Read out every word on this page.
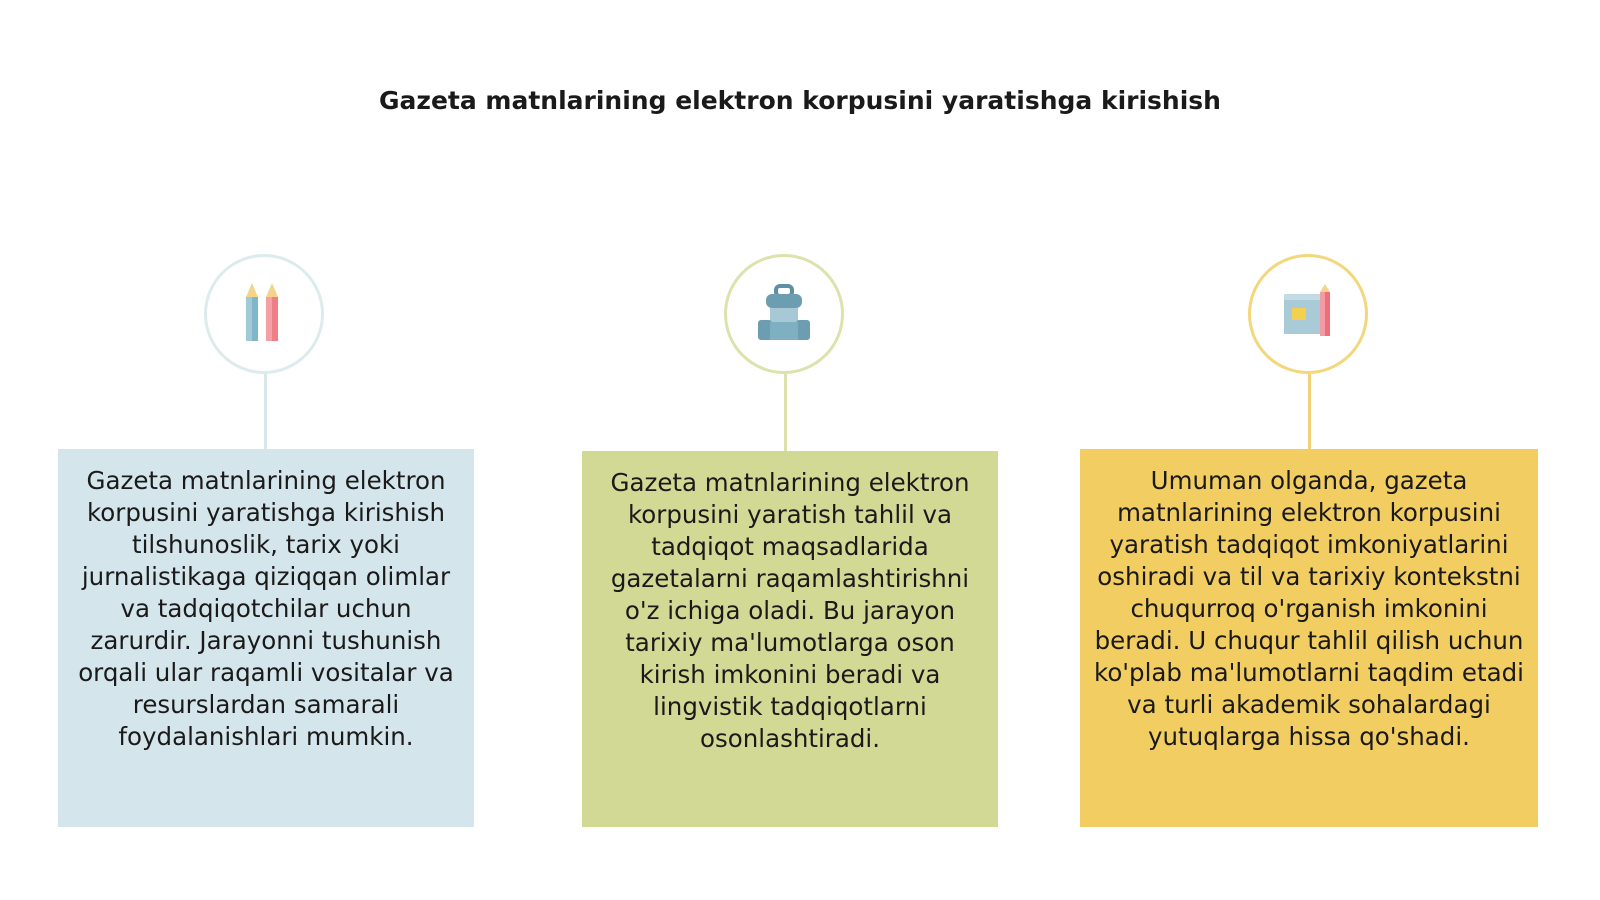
Gazeta matnlarining elektron korpusini yaratishga kirishish
Gazeta matnlarining elektron korpusini yaratishga kirishish tilshunoslik, tarix yoki jurnalistikaga qiziqqan olimlar va tadqiqotchilar uchun zarurdir. Jarayonni tushunish orqali ular raqamli vositalar va resurslardan samarali foydalanishlari mumkin.
Gazeta matnlarining elektron korpusini yaratish tahlil va tadqiqot maqsadlarida gazetalarni raqamlashtirishni o'z ichiga oladi. Bu jarayon tarixiy ma'lumotlarga oson kirish imkonini beradi va lingvistik tadqiqotlarni osonlashtiradi.
Umuman olganda, gazeta matnlarining elektron korpusini yaratish tadqiqot imkoniyatlarini oshiradi va til va tarixiy kontekstni chuqurroq o'rganish imkonini beradi. U chuqur tahlil qilish uchun ko'plab ma'lumotlarni taqdim etadi va turli akademik sohalardagi yutuqlarga hissa qo'shadi.
